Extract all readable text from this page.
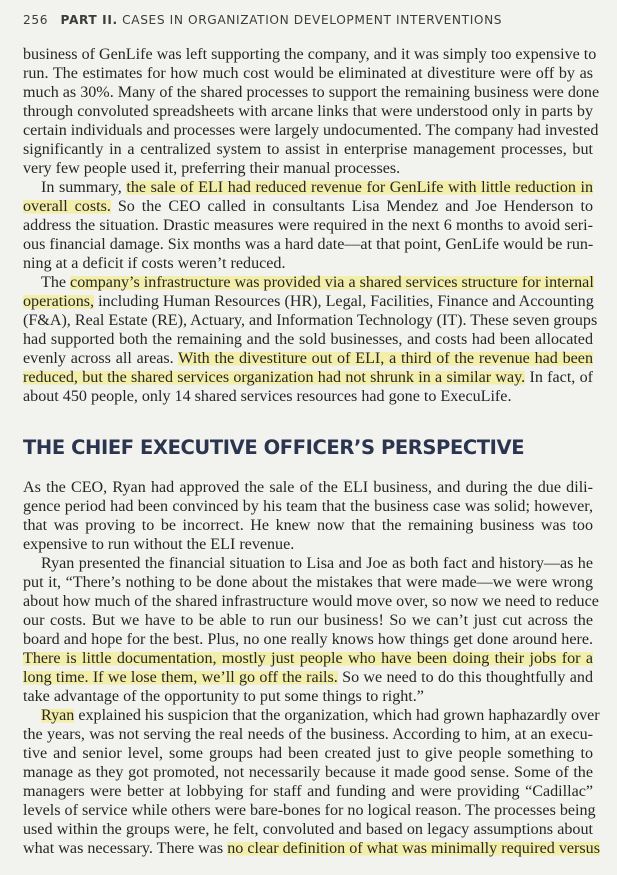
256 PART II. CASES IN ORGANIZATION DEVELOPMENT INTERVENTIONS
business of GenLife was left supporting the company, and it was simply too expensive to
run. The estimates for how much cost would be eliminated at divestiture were off by as
much as 30%. Many of the shared processes to support the remaining business were done
through convoluted spreadsheets with arcane links that were understood only in parts by
certain individuals and processes were largely undocumented. The company had invested
significantly in a centralized system to assist in enterprise management processes, but
very few people used it, preferring their manual processes.
In summary, the sale of ELI had reduced revenue for GenLife with little reduction in
overall costs. So the CEO called in consultants Lisa Mendez and Joe Henderson to
address the situation. Drastic measures were required in the next 6 months to avoid seri-
ous financial damage. Six months was a hard date—at that point, GenLife would be run-
ning at a deficit if costs weren’t reduced.
The company’s infrastructure was provided via a shared services structure for internal
operations, including Human Resources (HR), Legal, Facilities, Finance and Accounting
(F&A), Real Estate (RE), Actuary, and Information Technology (IT). These seven groups
had supported both the remaining and the sold businesses, and costs had been allocated
evenly across all areas. With the divestiture out of ELI, a third of the revenue had been
reduced, but the shared services organization had not shrunk in a similar way. In fact, of
about 450 people, only 14 shared services resources had gone to ExecuLife.
THE CHIEF EXECUTIVE OFFICER’S PERSPECTIVE
As the CEO, Ryan had approved the sale of the ELI business, and during the due dili-
gence period had been convinced by his team that the business case was solid; however,
that was proving to be incorrect. He knew now that the remaining business was too
expensive to run without the ELI revenue.
Ryan presented the financial situation to Lisa and Joe as both fact and history—as he
put it, “There’s nothing to be done about the mistakes that were made—we were wrong
about how much of the shared infrastructure would move over, so now we need to reduce
our costs. But we have to be able to run our business! So we can’t just cut across the
board and hope for the best. Plus, no one really knows how things get done around here.
There is little documentation, mostly just people who have been doing their jobs for a
long time. If we lose them, we’ll go off the rails. So we need to do this thoughtfully and
take advantage of the opportunity to put some things to right.”
Ryan explained his suspicion that the organization, which had grown haphazardly over
the years, was not serving the real needs of the business. According to him, at an execu-
tive and senior level, some groups had been created just to give people something to
manage as they got promoted, not necessarily because it made good sense. Some of the
managers were better at lobbying for staff and funding and were providing “Cadillac”
levels of service while others were bare-bones for no logical reason. The processes being
used within the groups were, he felt, convoluted and based on legacy assumptions about
what was necessary. There was no clear definition of what was minimally required versus
